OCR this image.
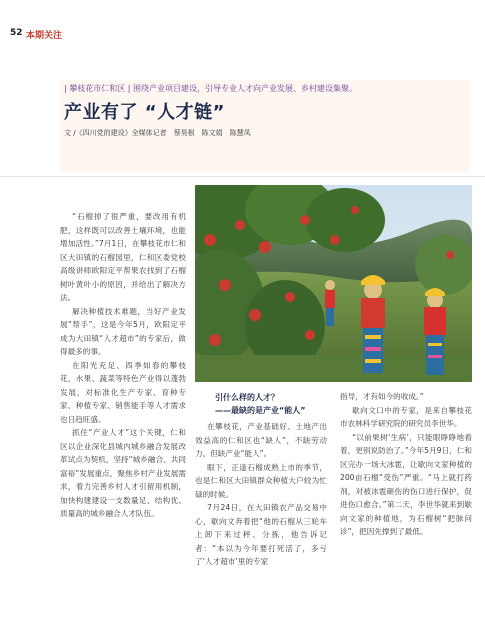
52 本期关注
| 攀枝花市仁和区 | 围绕产业项目建设，引导专业人才向产业发展、乡村建设集聚。
产业有了 “人才链”
文 /《四川党的建设》全媒体记者　蔡昊根　陈文娟　陈慧凤

“石榴掉了很严重，要改用有机肥，这样既可以改善土壤环境，也能增加活性。”7月1日，在攀枝花市仁和区大田镇的石榴园里，仁和区委党校高级讲师欧阳定平帮果农找到了石榴树叶黄叶小的原因，并给出了解决方法。

解决种植技术难题，当好产业发展“帮手”，这是今年5月，欧阳定平成为大田镇“人才超市”的专家后，做得最多的事。

在阳光充足、四季如春的攀枝花，水果、蔬菜等特色产业得以蓬勃发展，对标准化生产专家、育种专家、种植专家、销售能手等人才需求也日趋旺盛。

抓住“产业人才”这个关键，仁和区以企业深化县城内城乡融合发展改革试点为契机，坚持“城乡融合、共同富裕”发展重点，聚焦乡村产业发展需求，着力完善乡村人才引留用机制，加快构建建设一支数量足、结构优、质量高的城乡融合人才队伍。

引什么样的人才？
——最缺的是产业“能人”

在攀枝花，产业基础好、土地产出效益高的仁和区也“缺人”，不缺劳动力，但缺产业“能人”。

眼下，正逢石榴成熟上市的季节，也是仁和区大田镇群众种植大户较为忙碌的时候。

7月24日，在大田镇农产品交易中心，歇向文奔着把“他的石榴从三轮车上卸下来过秤、分拣，他告诉记者：“本以为今年要打死活了，多亏了‘人才超市’里的专家

指导，才有如今的收成。”

歇向文口中的专家，是来自攀枝花市农林科学研究院的研究员李世华。

“以前果树‘生病’，只能眼睁睁地看着，更别说防治了。”今年5月9日，仁和区完办一场大冰雹，让歇向文家种植的200亩石榴“受伤”严重。“马上就打药剂，对被冰雹砸伤的伤口进行保护，促进伤口愈合。”第二天，李世华就来到歇向文家的种植地，为石榴树“把脉问诊”，把因先撑到了最低。
